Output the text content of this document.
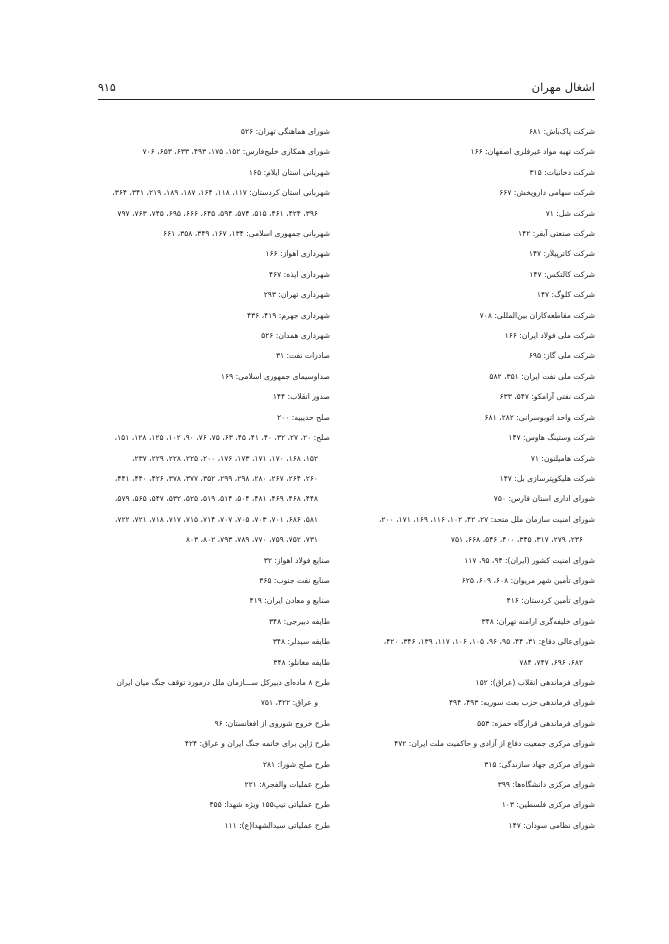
اشغال مهران
۹۱۵
شرکت پاک‌باش: ۶۸۱
شرکت تهیه مواد غیرفلزی اصفهان: ۱۶۶
شرکت دخانیات: ۳۱۵
شرکت سهامی داروپخش: ۶۶۷
شرکت شل: ۷۱
شرکت صنعتی آبفر: ۱۴۲
شرکت کاترپیلار: ۱۴۷
شرکت کالتکس: ۱۴۷
شرکت کلوگ: ۱۴۷
شرکت مقاطعه‌کاران بین‌المللی: ۷۰۸
شرکت ملی فولاد ایران: ۱۶۶
شرکت ملی گاز: ۶۹۵
شرکت ملی نفت ایران: ۳۵۱، ۵۸۲
شرکت نفتی آرامکو: ۵۴۷، ۶۳۳
شرکت واحد اتوبوسرانی: ۲۸۲، ۶۸۱
شرکت وستینگ هاوس: ۱۴۷
شرکت هامیلتون: ۷۱
شرکت هلیکوپترسازی بل: ۱۴۷
شورای اداری استان فارس: ۷۵۰
شورای امنیت سازمان ملل متحد: ۲۷، ۴۲، ۱۰۲، ۱۱۶، ۱۶۹، ۱۷۱، ۲۰۰،
۲۳۶، ۲۷۹، ۳۱۷، ۳۴۵، ۴۰۰، ۵۴۶، ۶۶۸، ۷۵۱
شورای امنیت کشور (ایران): ۹۴، ۹۵، ۱۱۷
شورای تأمین شهر مریوان: ۶۰۸، ۶۰۹، ۶۲۵
شورای تأمین کردستان: ۴۱۶
شورای خلیفه‌گری ارامنه تهران: ۳۴۸
شورای‌عالی دفاع: ۳۱، ۴۴، ۹۵، ۹۶، ۱۰۵، ۱۰۶، ۱۱۷، ۱۳۹، ۳۴۶، ۴۲۰،
۶۸۲، ۶۹۶، ۷۴۷، ۷۸۴
شورای فرماندهی انقلاب (عراق): ۱۵۲
شورای فرماندهی حزب بعث سوریه: ۴۹۳، ۴۹۴
شورای فرماندهی قرارگاه حمزه: ۵۵۳
شورای مرکزی جمعیت دفاع از آزادی و حاکمیت ملت ایران: ۴۷۲
شورای مرکزی جهاد سازندگی: ۳۱۵
شورای مرکزی دانشگاه‌ها: ۳۹۹
شورای مرکزی فلسطین: ۱۰۳
شورای نظامی سودان: ۱۴۷
شورای هماهنگی تهران: ۵۲۶
شورای همکاری خلیج‌فارس: ۱۵۲، ۱۷۵، ۴۹۳، ۶۳۳، ۶۵۳، ۷۰۶
شهربانی استان ایلام: ۱۶۵
شهربانی استان کردستان: ۱۱۷، ۱۱۸، ۱۶۴، ۱۸۷، ۱۸۹، ۲۱۹، ۳۴۱، ۳۶۴،
۳۹۶، ۴۲۴، ۴۶۱، ۵۱۵، ۵۷۴، ۵۹۴، ۶۴۵، ۶۶۶، ۶۹۵، ۷۴۵، ۷۶۳، ۷۹۷
شهربانی جمهوری اسلامی: ۱۳۴، ۱۶۷، ۳۴۹، ۳۵۸، ۶۶۱
شهرداری اهواز: ۱۶۶
شهرداری ایذه: ۴۶۷
شهرداری تهران: ۲۹۳
شهرداری جهرم: ۴۱۹، ۴۳۶
شهرداری همدان: ۵۲۶
صادرات نفت: ۳۱
صداوسیمای جمهوری اسلامی: ۱۶۹
صدور انقلاب: ۱۴۴
صلح حدیبیه: ۲۰۰
صلح: ۲۰، ۲۷، ۳۲، ۴۰، ۴۱، ۴۵، ۶۳، ۷۵، ۷۶، ۹۰، ۱۰۲، ۱۲۵، ۱۲۸، ۱۵۱،
۱۵۲، ۱۶۸، ۱۷۰، ۱۷۱، ۱۷۳، ۱۷۶، ۲۰۰، ۲۲۵، ۲۲۸، ۲۲۹، ۲۳۷،
۲۶۰، ۲۶۴، ۲۶۷، ۲۸۰، ۲۹۸، ۲۹۹، ۳۵۲، ۳۷۷، ۳۷۸، ۴۲۶، ۴۴۰، ۴۴۱،
۴۴۸، ۴۶۸، ۴۶۹، ۴۸۱، ۵۰۴، ۵۱۴، ۵۱۹، ۵۲۵، ۵۳۲، ۵۴۷، ۵۶۵، ۵۷۹،
۵۸۱، ۶۸۶، ۷۰۱، ۷۰۳، ۷۰۵، ۷۰۷، ۷۱۴، ۷۱۵، ۷۱۷، ۷۱۸، ۷۲۱، ۷۲۲،
۷۳۱، ۷۵۲، ۷۵۹، ۷۷۰، ۷۸۹، ۷۹۳، ۸۰۲، ۸۰۳
صنایع فولاد اهواز: ۳۲
صنایع نفت جنوب: ۳۶۵
صنایع و معادن ایران: ۴۱۹
طایفه دبیرجی: ۳۴۸
طایفه سیدلر: ۳۴۸
طایفه مغانلو: ۳۴۸
طرح ۸ ماده‌ای دبیرکل ســـازمان ملل درمورد توقف جنگ میان ایران
و عراق: ۴۲۲، ۷۵۱
طرح خروج شوروی از افغانستان: ۹۶
طرح ژاپن برای خاتمه جنگ ایران و عراق: ۴۲۴
طرح صلح شورا: ۲۸۱
طرح عملیات والفجر۸: ۲۲۱
طرح عملیاتی تیپ۱۵۵ ویژه شهدا: ۴۵۵
طرح عملیاتی سیدالشهدا(ع): ۱۱۱
